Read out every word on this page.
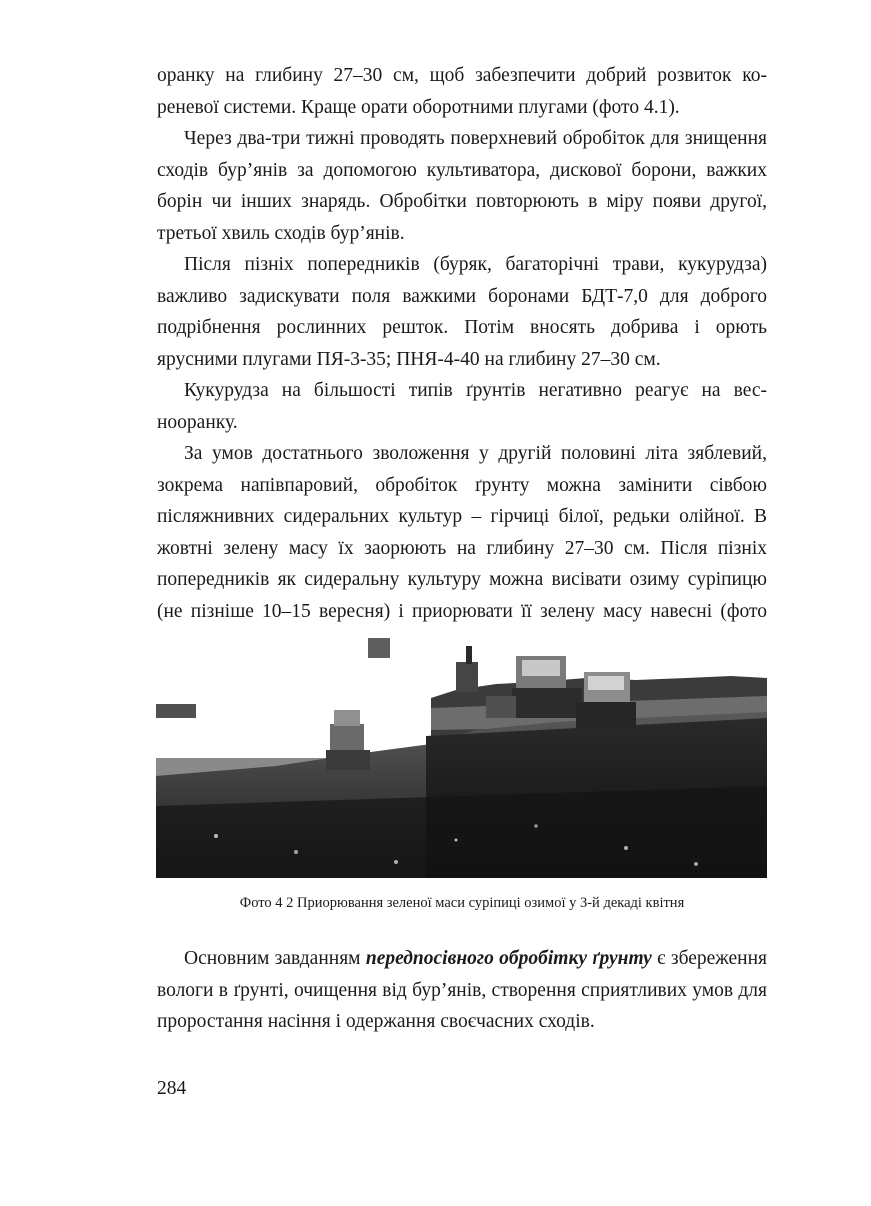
оранку на глибину 27–30 см, щоб забезпечити добрий розвиток кореневої системи. Краще орати оборотними плугами (фото 4.1).

Через два-три тижні проводять поверхневий обробіток для знищення сходів бур’янів за допомогою культиватора, дискової борони, важких борін чи інших знарядь. Обробітки повторюють в міру появи другої, третьої хвиль сходів бур’янів.

Після пізніх попередників (буряк, багаторічні трави, кукурудза) важливо задискувати поля важкими боронами БДТ-7,0 для доброго подрібнення рослинних решток. Потім вносять добрива і орють ярусними плугами ПЯ-3-35; ПНЯ-4-40 на глибину 27–30 см.

Кукурудза на більшості типів ґрунтів негативно реагує на веснооранку.

За умов достатнього зволоження у другій половині літа зяблевий, зокрема напівпаровий, обробіток ґрунту можна замінити сівбою післяжнивних сидеральних культур – гірчиці білої, редьки олійної. В жовтні зелену масу їх заорюють на глибину 27–30 см. Після пізніх попередників як сидеральну культуру можна висівати озиму суріпицю (не пізніше 10–15 вересня) і приорювати її зелену масу навесні (фото

Фото 4 2 Приорювання зеленої маси суріпиці озимої у 3-й декаді квітня

Основним завданням передпосівного обробітку ґрунту є збереження вологи в ґрунті, очищення від бур’янів, створення сприятливих умов для проростання насіння і одержання своєчасних сходів.

284
